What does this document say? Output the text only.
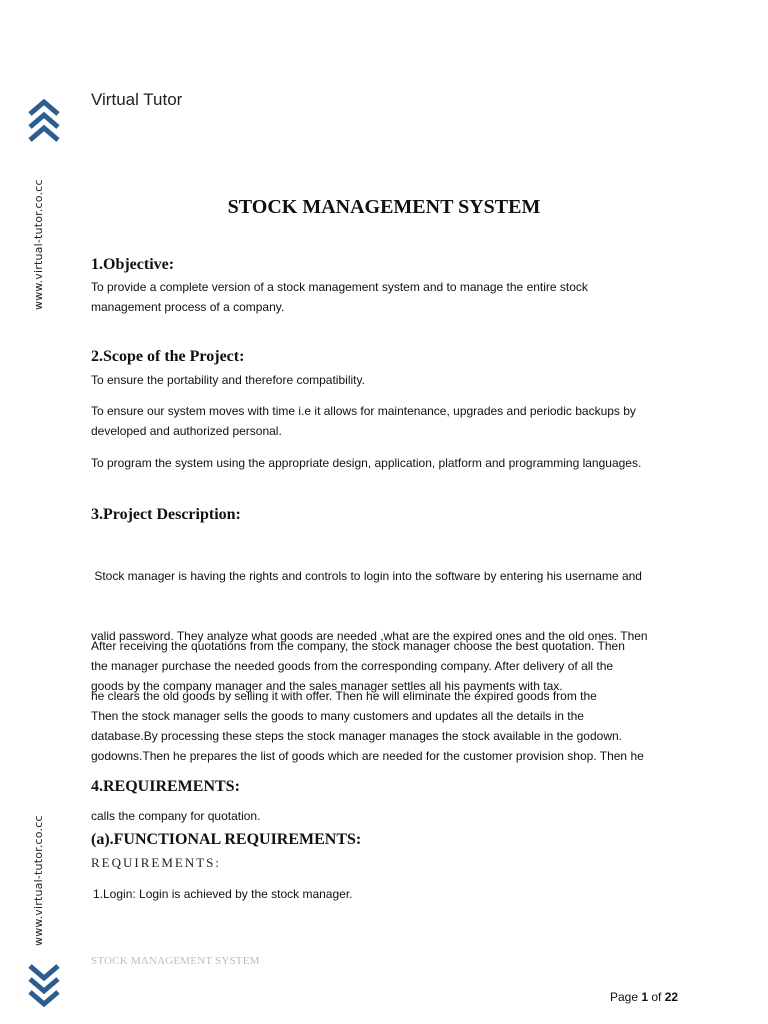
www.virtual-tutor.co.cc
www.virtual-tutor.co.cc
Virtual Tutor
STOCK MANAGEMENT SYSTEM
1.Objective:
To provide a complete version of a stock management system and to manage the entire stock
management process of a company.
2.Scope of the Project:
To ensure the portability and therefore compatibility.
To ensure our system moves with time i.e it allows for maintenance, upgrades and periodic backups by
developed and authorized personal.
To program the system using the appropriate design, application, platform and programming languages.
3.Project Description:

Stock manager is having the rights and controls to login into the software by entering his username and

valid password. They analyze what goods are needed ,what are the expired ones and the old ones. Then

he clears the old goods by selling it with offer. Then he will eliminate the expired goods from the

godowns.Then he prepares the list of goods which are needed for the customer provision shop. Then he

calls the company for quotation.

After receiving the quotations from the company, the stock manager choose the best quotation. Then
the manager purchase the needed goods from the corresponding company. After delivery of all the
goods by the company manager and the sales manager settles all his payments with tax.
Then the stock manager sells the goods to many customers and updates all the details in the
database.By processing these steps the stock manager manages the stock available in the godown.
4.REQUIREMENTS:
(a).FUNCTIONAL REQUIREMENTS:
REQUIREMENTS:
1.Login: Login is achieved by the stock manager.
STOCK MANAGEMENT SYSTEM
Page 1 of 22
